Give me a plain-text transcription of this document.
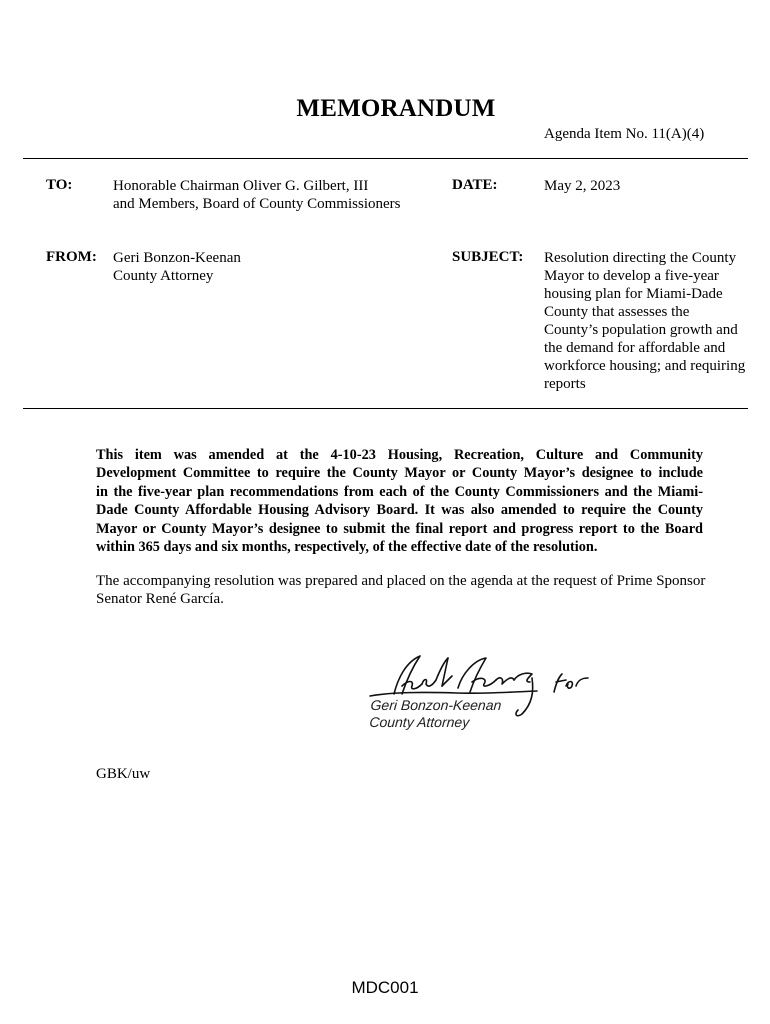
MEMORANDUM
Agenda Item No. 11(A)(4)
TO:	Honorable Chairman Oliver G. Gilbert, III
and Members, Board of County Commissioners
DATE:	May 2, 2023
FROM: Geri Bonzon-Keenan
County Attorney
SUBJECT: Resolution directing the County
Mayor to develop a five-year
housing plan for Miami-Dade
County that assesses the
County’s population growth and
the demand for affordable and
workforce housing; and requiring
reports
This item was amended at the 4-10-23 Housing, Recreation, Culture and Community
Development Committee to require the County Mayor or County Mayor’s designee to include
in the five-year plan recommendations from each of the County Commissioners and the Miami-
Dade County Affordable Housing Advisory Board. It was also amended to require the County
Mayor or County Mayor’s designee to submit the final report and progress report to the Board
within 365 days and six months, respectively, of the effective date of the resolution.
The accompanying resolution was prepared and placed on the agenda at the request of Prime Sponsor
Senator René García.
Geri Bonzon-Keenan
County Attorney
GBK/uw
MDC001
